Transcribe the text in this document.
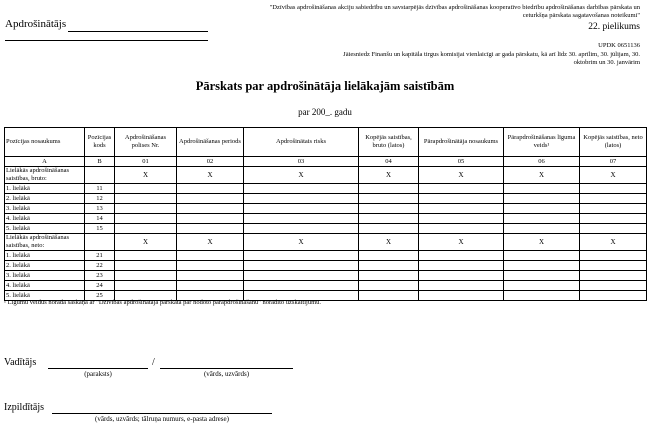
Apdrošinātājs
"Dzīvības apdrošināšanas akciju sabiedrību un savstarpējās dzīvības apdrošināšanas kooperatīvo biedrību apdrošināšanas darbības pārskata un ceturkšņa pārskata sagatavošanas noteikumi"
22. pielikums
UPDK 0651136
Jāiesniedz Finanšu un kapitāla tirgus komisijai vienlaicīgi ar gada pārskatu, kā arī līdz 30. aprīlim, 30. jūlijam, 30. oktobrim un 30. janvārim
Pārskats par apdrošinātāja lielākajām saistībām
par 200_. gadu
Pozīcijas nosaukums	Pozīcijas kods	Apdrošināšanas polises Nr.	Apdrošināšanas periods	Apdrošinātais risks	Kopējās saistības, bruto (latos)	Pārapdrošinātāja nosaukums	Pārapdrošināšanas līguma veids¹	Kopējās saistības, neto (latos)
A	B	01	02	03	04	05	06	07
Lielākās apdrošināšanas saistības, bruto:		X	X	X	X	X	X	X
1. lielākā	11							
2. lielākā	12							
3. lielākā	13							
4. lielākā	14							
5. lielākā	15							
Lielākās apdrošināšanas saistības, neto:		X	X	X	X	X	X	X
1. lielākā	21							
2. lielākā	22							
3. lielākā	23							
4. lielākā	24							
5. lielākā	25							
¹ Līgumu veidus norāda saskaņā ar "Dzīvības apdrošinātāja pārskatā par nodoto pārapdrošināšanu" norādīto uzskaitījumu.
Vadītājs	/
(paraksts)	(vārds, uzvārds)
Izpildītājs
(vārds, uzvārds; tālruņa numurs, e-pasta adrese)
